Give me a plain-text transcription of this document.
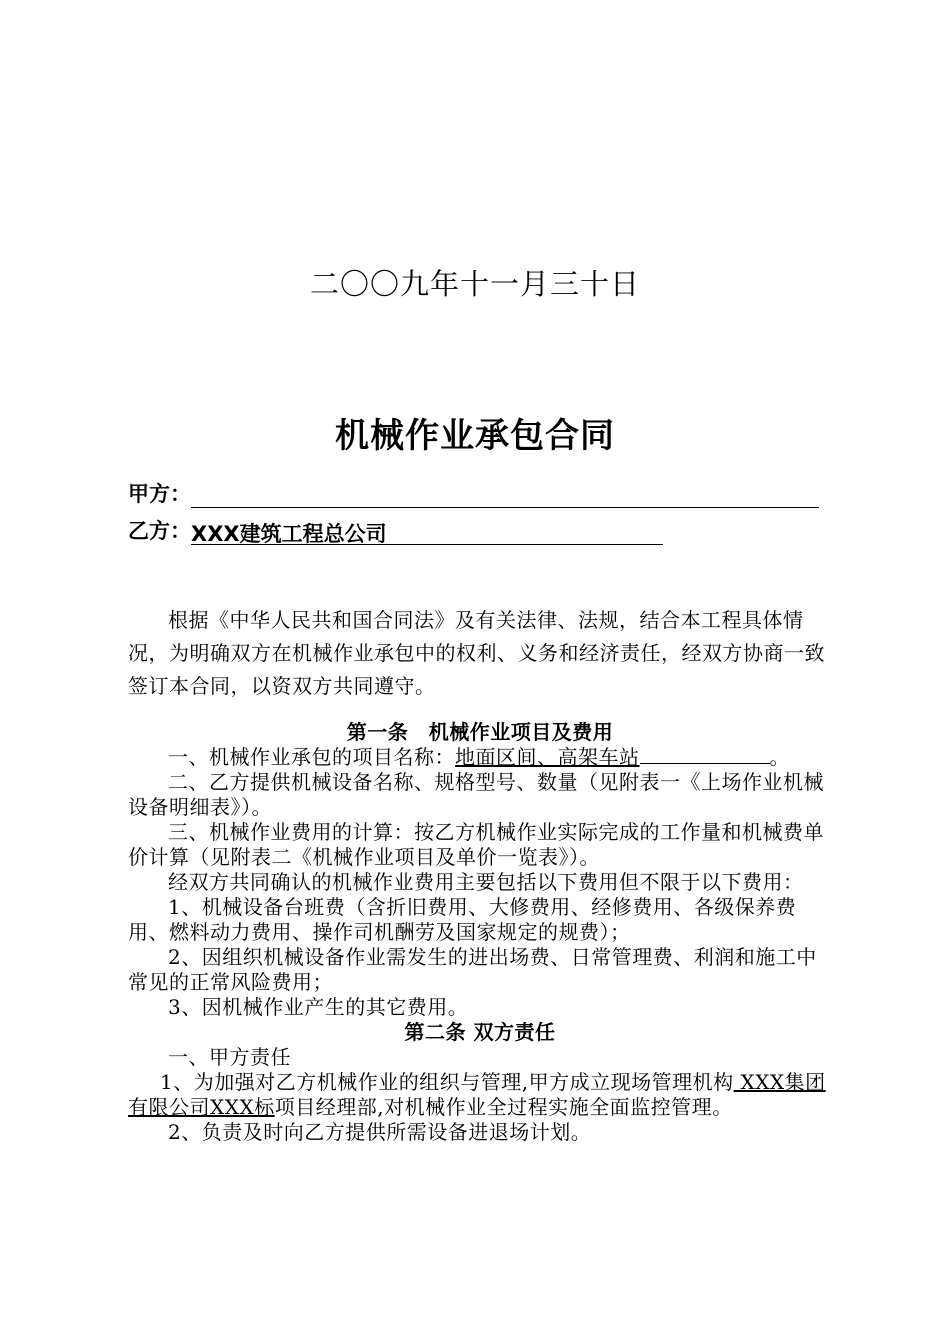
二〇〇九年十一月三十日
机械作业承包合同
甲方：
乙方：XXX建筑工程总公司

根据《中华人民共和国合同法》及有关法律、法规，结合本工程具体情况，为明确双方在机械作业承包中的权利、义务和经济责任，经双方协商一致签订本合同，以资双方共同遵守。

第一条　机械作业项目及费用

一、机械作业承包的项目名称：地面区间、高架车站	。

二、乙方提供机械设备名称、规格型号、数量（见附表一《上场作业机械设备明细表》）。

三、机械作业费用的计算：按乙方机械作业实际完成的工作量和机械费单价计算（见附表二《机械作业项目及单价一览表》）。

经双方共同确认的机械作业费用主要包括以下费用但不限于以下费用：

1、机械设备台班费（含折旧费用、大修费用、经修费用、各级保养费用、燃料动力费用、操作司机酬劳及国家规定的规费）；

2、因组织机械设备作业需发生的进出场费、日常管理费、利润和施工中常见的正常风险费用；

3、因机械作业产生的其它费用。

第二条 双方责任

一、甲方责任

1、为加强对乙方机械作业的组织与管理,甲方成立现场管理机构 XXX集团有限公司XXX标项目经理部,对机械作业全过程实施全面监控管理。

2、负责及时向乙方提供所需设备进退场计划。
